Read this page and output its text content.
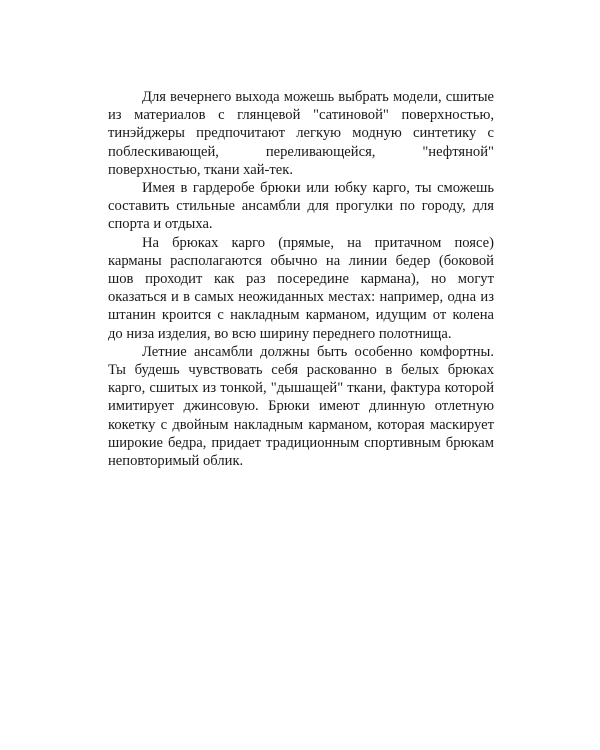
Для вечернего выхода можешь выбрать модели, сшитые из материалов с глянцевой "сатиновой" поверхностью, тинэйджеры предпочитают легкую модную синтетику с поблескивающей, переливающейся, "нефтяной" поверхностью, ткани хай-тек.

Имея в гардеробе брюки или юбку карго, ты сможешь составить стильные ансамбли для прогулки по городу, для спорта и отдыха.

На брюках карго (прямые, на притачном поясе) карманы располагаются обычно на линии бедер (боковой шов проходит как раз посередине кармана), но могут оказаться и в самых неожиданных местах: например, одна из штанин кроится с накладным карманом, идущим от колена до низа изделия, во всю ширину переднего полотнища.

Летние ансамбли должны быть особенно комфортны. Ты будешь чувствовать себя раскованно в белых брюках карго, сшитых из тонкой, "дышащей" ткани, фактура которой имитирует джинсовую. Брюки имеют длинную отлетную кокетку с двойным накладным карманом, которая маскирует широкие бедра, придает традиционным спортивным брюкам неповторимый облик.
